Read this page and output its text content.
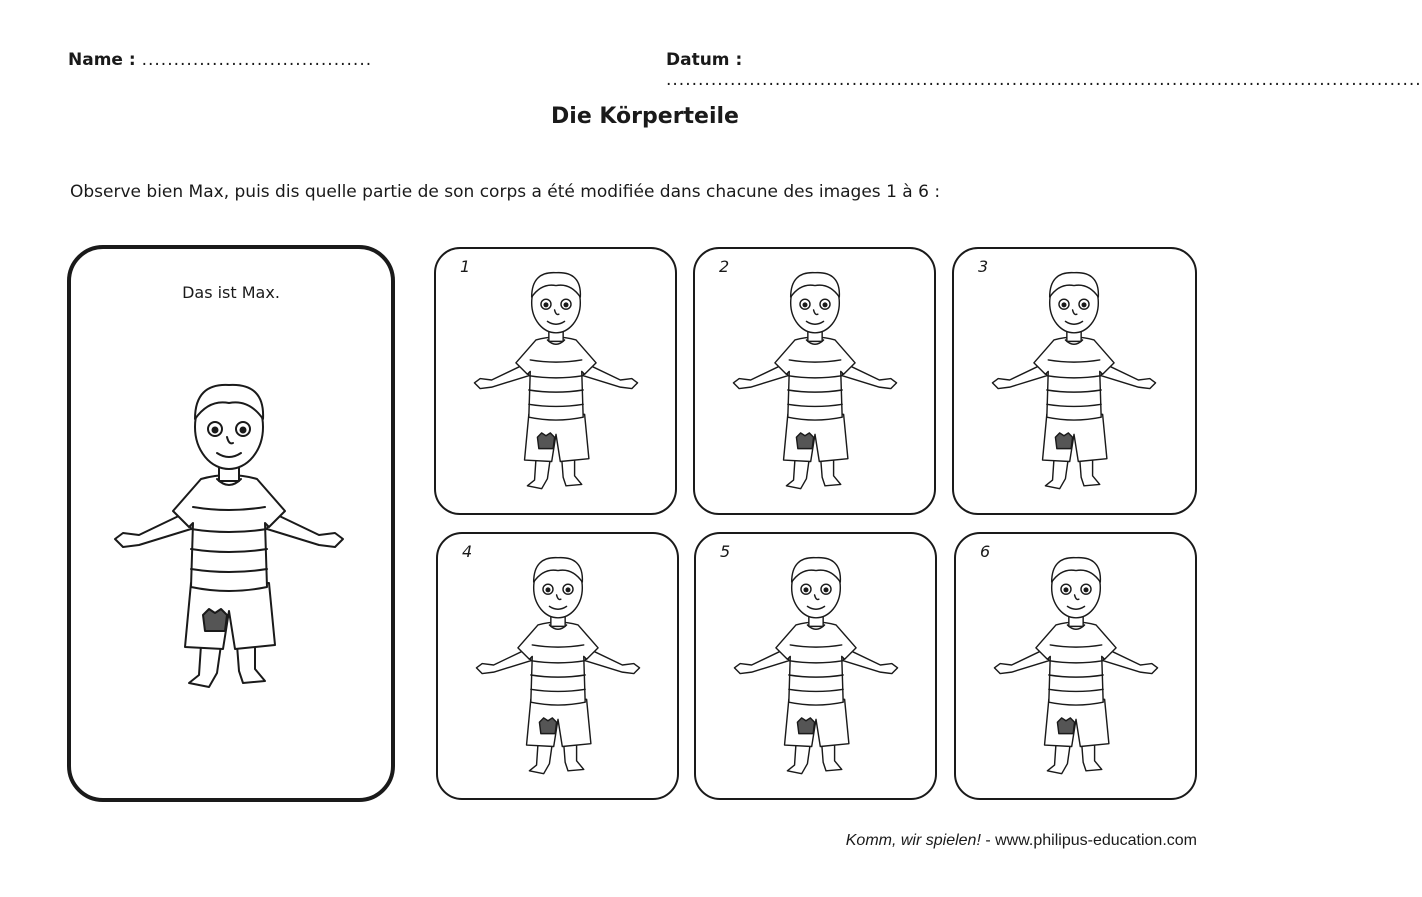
Name : ....................................	Datum : ......................................................................................................................
Die Körperteile
Observe bien Max, puis dis quelle partie de son corps a été modifiée dans chacune des images 1 à 6 :
Das ist Max.
1	2	3
4	5	6
Komm, wir spielen! - www.philipus-education.com
